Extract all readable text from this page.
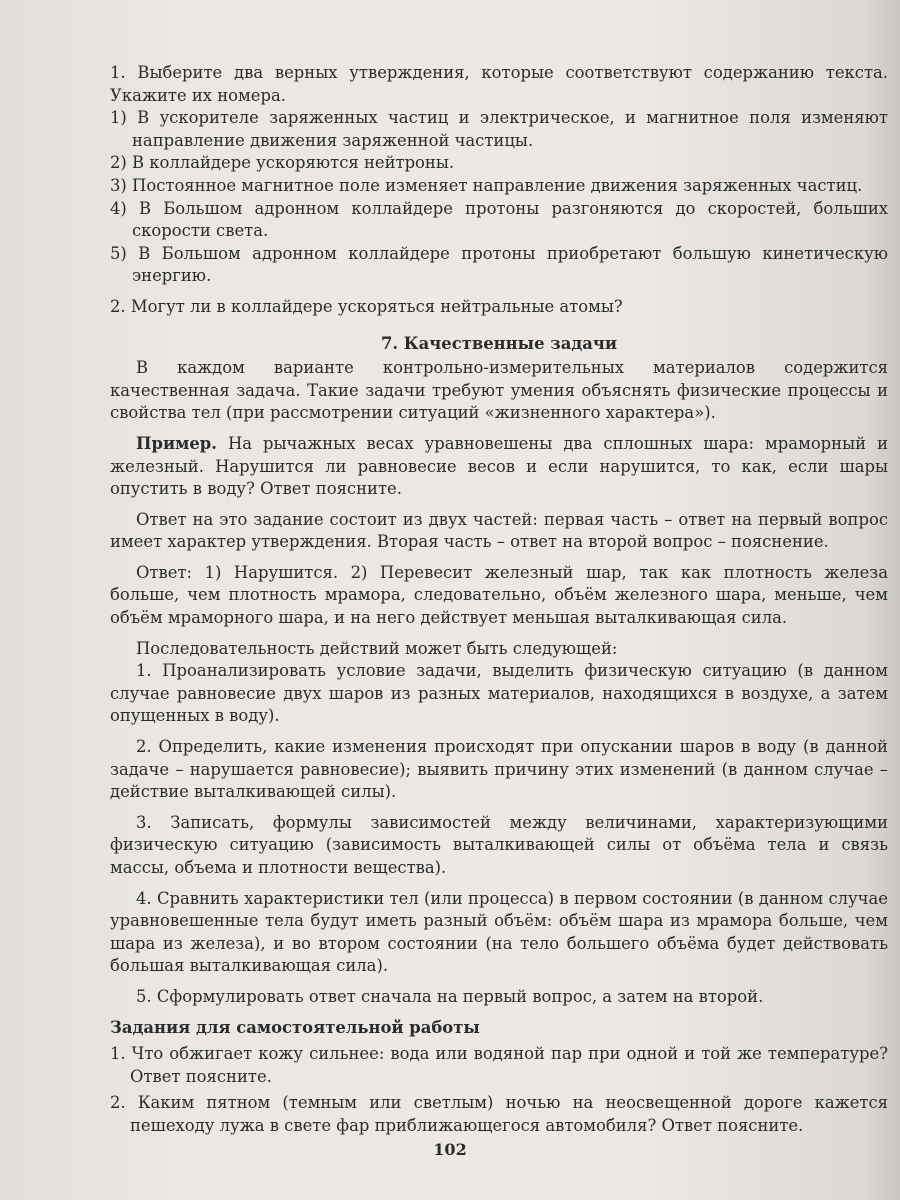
1. Выберите два верных утверждения, которые соответствуют содержанию текста. Укажите их номера.

1) В ускорителе заряженных частиц и электрическое, и магнитное поля изменяют направление движения заряженной частицы.

2) В коллайдере ускоряются нейтроны.

3) Постоянное магнитное поле изменяет направление движения заряженных частиц.

4) В Большом адронном коллайдере протоны разгоняются до скоростей, больших скорости света.

5) В Большом адронном коллайдере протоны приобретают большую кинетическую энергию.

2. Могут ли в коллайдере ускоряться нейтральные атомы?

7. Качественные задачи

В каждом варианте контрольно-измерительных материалов содержится качественная задача. Такие задачи требуют умения объяснять физические процессы и свойства тел (при рассмотрении ситуаций «жизненного характера»).

Пример. На рычажных весах уравновешены два сплошных шара: мраморный и железный. Нарушится ли равновесие весов и если нарушится, то как, если шары опустить в воду? Ответ поясните.

Ответ на это задание состоит из двух частей: первая часть – ответ на первый вопрос имеет характер утверждения. Вторая часть – ответ на второй вопрос – пояснение.

Ответ: 1) Нарушится. 2) Перевесит железный шар, так как плотность железа больше, чем плотность мрамора, следовательно, объём железного шара, меньше, чем объём мраморного шара, и на него действует меньшая выталкивающая сила.

Последовательность действий может быть следующей:

1. Проанализировать условие задачи, выделить физическую ситуацию (в данном случае равновесие двух шаров из разных материалов, находящихся в воздухе, а затем опущенных в воду).

2. Определить, какие изменения происходят при опускании шаров в воду (в данной задаче – нарушается равновесие); выявить причину этих изменений (в данном случае – действие выталкивающей силы).

3. Записать, формулы зависимостей между величинами, характеризующими физическую ситуацию (зависимость выталкивающей силы от объёма тела и связь массы, объема и плотности вещества).

4. Сравнить характеристики тел (или процесса) в первом состоянии (в данном случае уравновешенные тела будут иметь разный объём: объём шара из мрамора больше, чем шара из железа), и во втором состоянии (на тело большего объёма будет действовать большая выталкивающая сила).

5. Сформулировать ответ сначала на первый вопрос, а затем на второй.

Задания для самостоятельной работы

1. Что обжигает кожу сильнее: вода или водяной пар при одной и той же температуре? Ответ поясните.

2. Каким пятном (темным или светлым) ночью на неосвещенной дороге кажется пешеходу лужа в свете фар приближающегося автомобиля? Ответ поясните.

102
